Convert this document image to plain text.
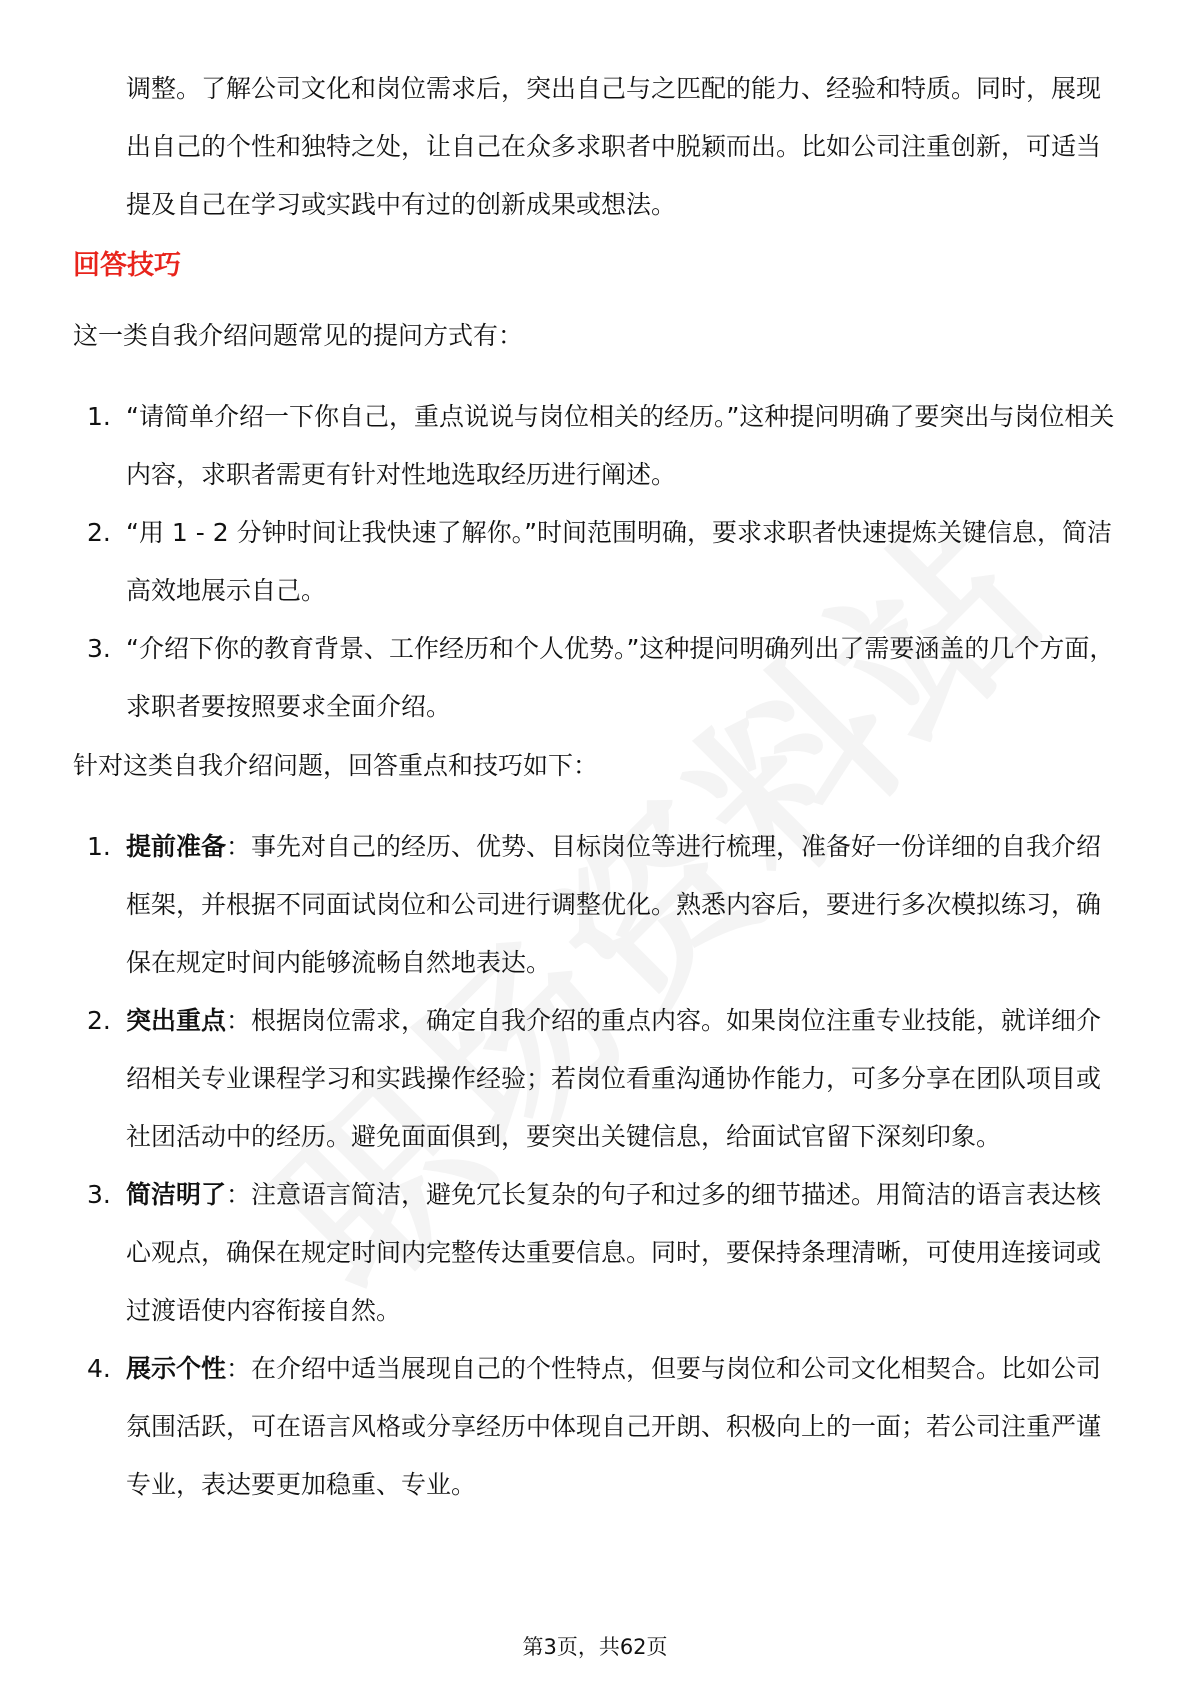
调整。了解公司文化和岗位需求后，突出自己与之匹配的能力、经验和特质。同时，展现出自己的个性和独特之处，让自己在众多求职者中脱颖而出。比如公司注重创新，可适当提及自己在学习或实践中有过的创新成果或想法。

回答技巧

这一类自我介绍问题常见的提问方式有：

1. “请简单介绍一下你自己，重点说说与岗位相关的经历。”这种提问明确了要突出与岗位相关内容，求职者需更有针对性地选取经历进行阐述。
2. “用 1 - 2 分钟时间让我快速了解你。”时间范围明确，要求求职者快速提炼关键信息，简洁高效地展示自己。
3. “介绍下你的教育背景、工作经历和个人优势。”这种提问明确列出了需要涵盖的几个方面，求职者要按照要求全面介绍。

针对这类自我介绍问题，回答重点和技巧如下：

1. 提前准备：事先对自己的经历、优势、目标岗位等进行梳理，准备好一份详细的自我介绍框架，并根据不同面试岗位和公司进行调整优化。熟悉内容后，要进行多次模拟练习，确保在规定时间内能够流畅自然地表达。
2. 突出重点：根据岗位需求，确定自我介绍的重点内容。如果岗位注重专业技能，就详细介绍相关专业课程学习和实践操作经验；若岗位看重沟通协作能力，可多分享在团队项目或社团活动中的经历。避免面面俱到，要突出关键信息，给面试官留下深刻印象。
3. 简洁明了：注意语言简洁，避免冗长复杂的句子和过多的细节描述。用简洁的语言表达核心观点，确保在规定时间内完整传达重要信息。同时，要保持条理清晰，可使用连接词或过渡语使内容衔接自然。
4. 展示个性：在介绍中适当展现自己的个性特点，但要与岗位和公司文化相契合。比如公司氛围活跃，可在语言风格或分享经历中体现自己开朗、积极向上的一面；若公司注重严谨专业，表达要更加稳重、专业。
第3页，共62页
